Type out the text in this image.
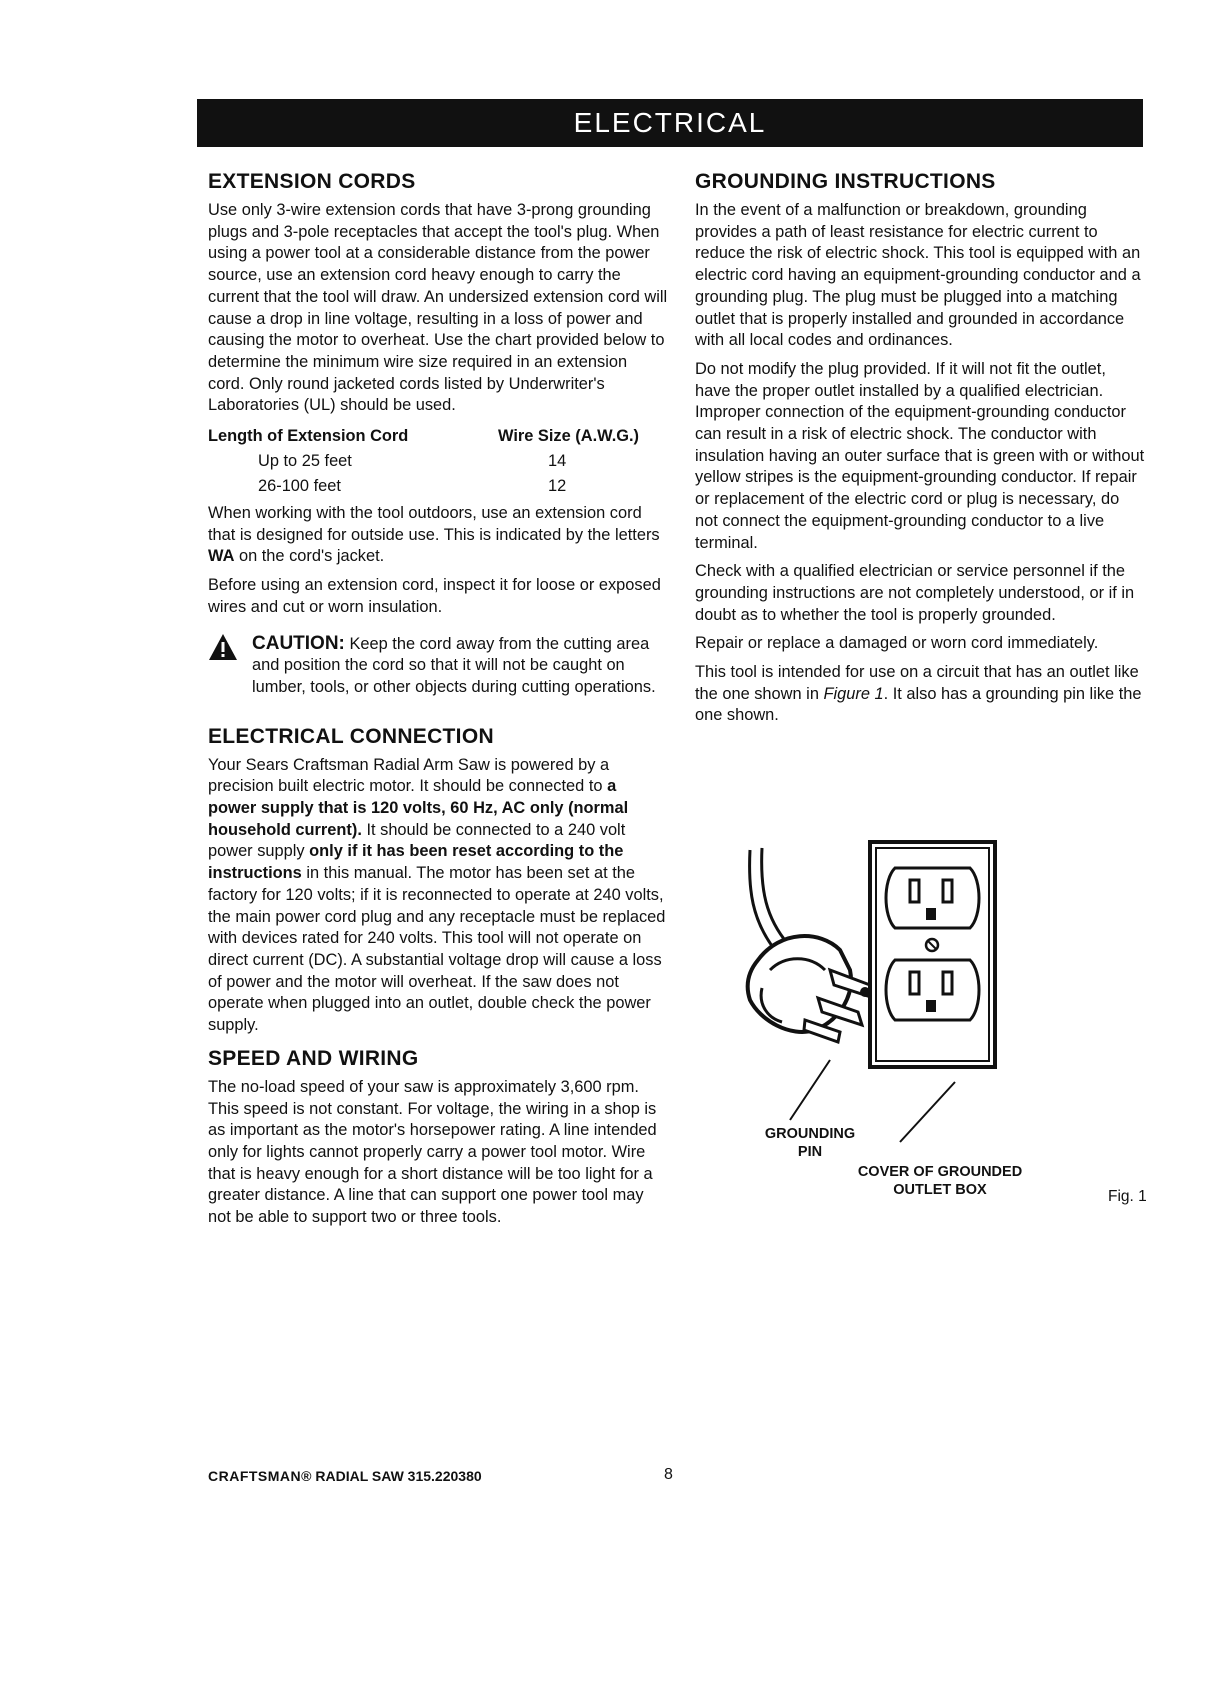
ELECTRICAL
EXTENSION CORDS

Use only 3-wire extension cords that have 3-prong grounding plugs and 3-pole receptacles that accept the tool's plug. When using a power tool at a considerable distance from the power source, use an extension cord heavy enough to carry the current that the tool will draw. An undersized extension cord will cause a drop in line voltage, resulting in a loss of power and causing the motor to overheat. Use the chart provided below to determine the minimum wire size required in an extension cord. Only round jacketed cords listed by Underwriter's Laboratories (UL) should be used.

Length of Extension Cord	Wire Size (A.W.G.)
Up to 25 feet	14
26-100 feet	12

When working with the tool outdoors, use an extension cord that is designed for outside use. This is indicated by the letters WA on the cord's jacket.

Before using an extension cord, inspect it for loose or exposed wires and cut or worn insulation.

CAUTION: Keep the cord away from the cutting area and position the cord so that it will not be caught on lumber, tools, or other objects during cutting operations.

ELECTRICAL CONNECTION

Your Sears Craftsman Radial Arm Saw is powered by a precision built electric motor. It should be connected to a power supply that is 120 volts, 60 Hz, AC only (normal household current). It should be connected to a 240 volt power supply only if it has been reset according to the instructions in this manual. The motor has been set at the factory for 120 volts; if it is reconnected to operate at 240 volts, the main power cord plug and any receptacle must be replaced with devices rated for 240 volts. This tool will not operate on direct current (DC). A substantial voltage drop will cause a loss of power and the motor will overheat. If the saw does not operate when plugged into an outlet, double check the power supply.

SPEED AND WIRING

The no-load speed of your saw is approximately 3,600 rpm. This speed is not constant. For voltage, the wiring in a shop is as important as the motor's horsepower rating. A line intended only for lights cannot properly carry a power tool motor. Wire that is heavy enough for a short distance will be too light for a greater distance. A line that can support one power tool may not be able to support two or three tools.

GROUNDING INSTRUCTIONS

In the event of a malfunction or breakdown, grounding provides a path of least resistance for electric current to reduce the risk of electric shock. This tool is equipped with an electric cord having an equipment-grounding conductor and a grounding plug. The plug must be plugged into a matching outlet that is properly installed and grounded in accordance with all local codes and ordinances.

Do not modify the plug provided. If it will not fit the outlet, have the proper outlet installed by a qualified electrician. Improper connection of the equipment-grounding conductor can result in a risk of electric shock. The conductor with insulation having an outer surface that is green with or without yellow stripes is the equipment-grounding conductor. If repair or replacement of the electric cord or plug is necessary, do not connect the equipment-grounding conductor to a live terminal.

Check with a qualified electrician or service personnel if the grounding instructions are not completely understood, or if in doubt as to whether the tool is properly grounded.

Repair or replace a damaged or worn cord immediately.

This tool is intended for use on a circuit that has an outlet like the one shown in Figure 1. It also has a grounding pin like the one shown.

GROUNDING
PIN
COVER OF GROUNDED
OUTLET BOX	Fig. 1
CRAFTSMAN® RADIAL SAW 315.220380	8
